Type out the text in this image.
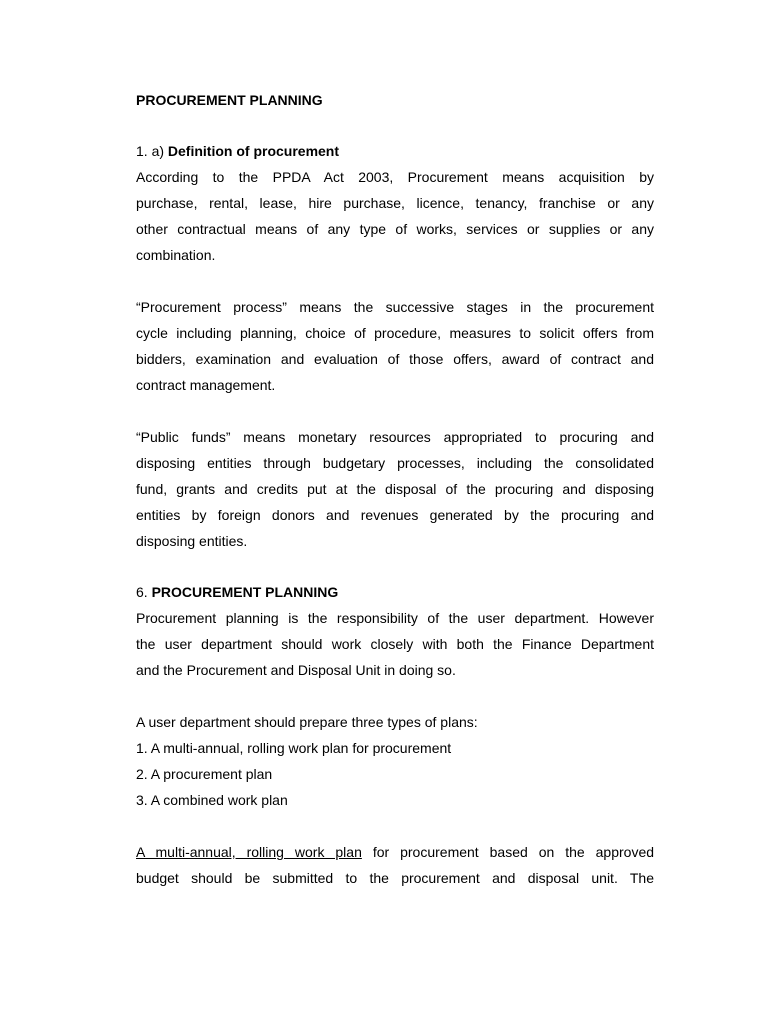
PROCUREMENT PLANNING
1. a) Definition of procurement
According to the PPDA Act 2003, Procurement means acquisition by
purchase, rental, lease, hire purchase, licence, tenancy, franchise or any
other contractual means of any type of works, services or supplies or any
combination.
“Procurement process” means the successive stages in the procurement
cycle including planning, choice of procedure, measures to solicit offers from
bidders, examination and evaluation of those offers, award of contract and
contract management.
“Public funds” means monetary resources appropriated to procuring and
disposing entities through budgetary processes, including the consolidated
fund, grants and credits put at the disposal of the procuring and disposing
entities by foreign donors and revenues generated by the procuring and
disposing entities.
6. PROCUREMENT PLANNING
Procurement planning is the responsibility of the user department. However
the user department should work closely with both the Finance Department
and the Procurement and Disposal Unit in doing so.
A user department should prepare three types of plans:
1. A multi-annual, rolling work plan for procurement
2. A procurement plan
3. A combined work plan
A multi-annual, rolling work plan for procurement based on the approved
budget should be submitted to the procurement and disposal unit. The
